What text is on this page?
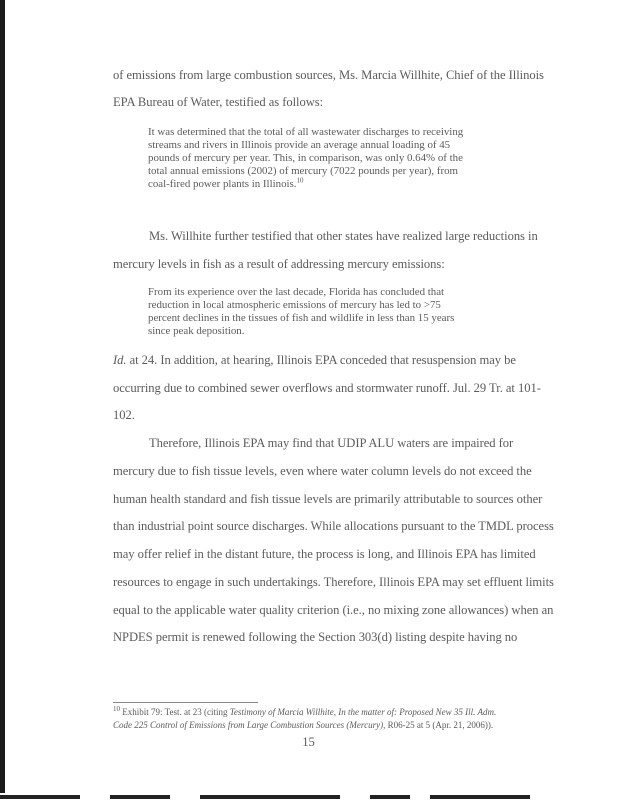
of emissions from large combustion sources, Ms. Marcia Willhite, Chief of the Illinois
EPA Bureau of Water, testified as follows:
It was determined that the total of all wastewater discharges to receiving
streams and rivers in Illinois provide an average annual loading of 45
pounds of mercury per year. This, in comparison, was only 0.64% of the
total annual emissions (2002) of mercury (7022 pounds per year), from
coal-fired power plants in Illinois.$^{10}$
Ms. Willhite further testified that other states have realized large reductions in
mercury levels in fish as a result of addressing mercury emissions:
From its experience over the last decade, Florida has concluded that
reduction in local atmospheric emissions of mercury has led to >75
percent declines in the tissues of fish and wildlife in less than 15 years
since peak deposition.
Id. at 24. In addition, at hearing, Illinois EPA conceded that resuspension may be
occurring due to combined sewer overflows and stormwater runoff. Jul. 29 Tr. at 101-
102.
Therefore, Illinois EPA may find that UDIP ALU waters are impaired for
mercury due to fish tissue levels, even where water column levels do not exceed the
human health standard and fish tissue levels are primarily attributable to sources other
than industrial point source discharges. While allocations pursuant to the TMDL process
may offer relief in the distant future, the process is long, and Illinois EPA has limited
resources to engage in such undertakings. Therefore, Illinois EPA may set effluent limits
equal to the applicable water quality criterion (i.e., no mixing zone allowances) when an
NPDES permit is renewed following the Section 303(d) listing despite having no
$^{10}$ Exhibit 79: Test. at 23 (citing Testimony of Marcia Willhite, In the matter of: Proposed New 35 Ill. Adm.
Code 225 Control of Emissions from Large Combustion Sources (Mercury), R06-25 at 5 (Apr. 21, 2006)).
15
